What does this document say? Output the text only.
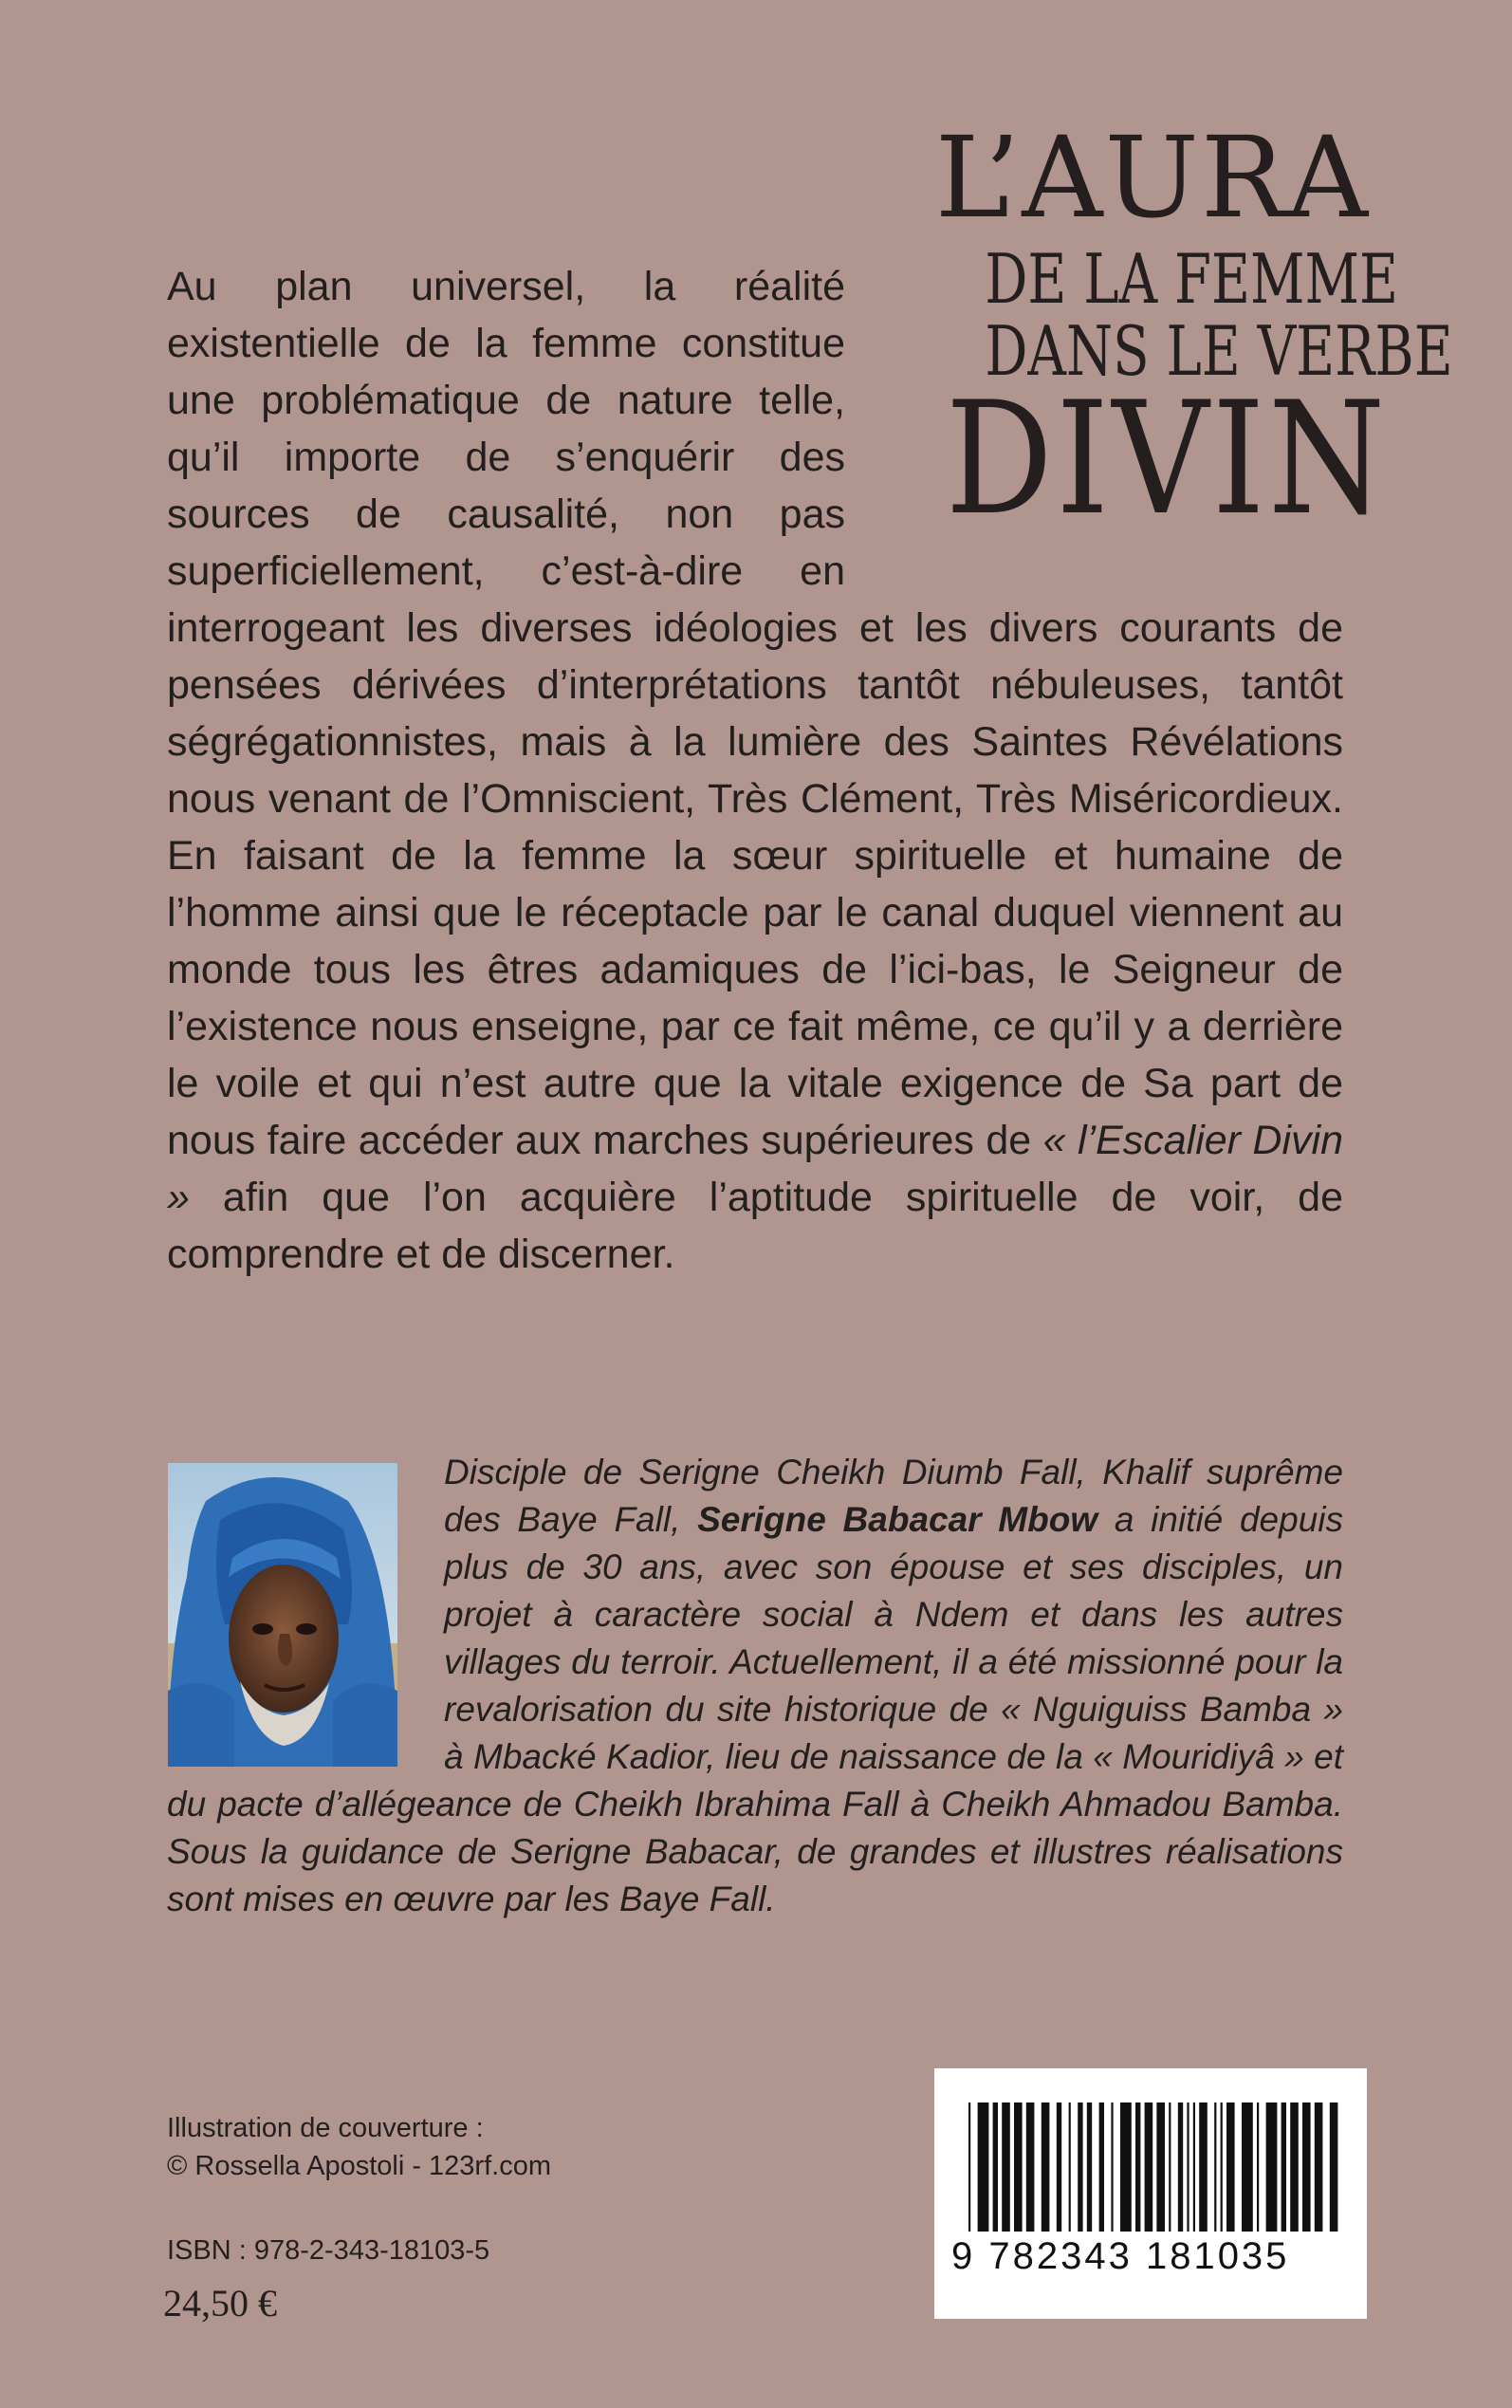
L’AURA
DE LA FEMME
DANS LE VERBE
DIVIN
Au plan universel, la réalité existentielle de la femme constitue une problématique de nature telle, qu’il importe de s’enquérir des sources de causalité, non pas superficiellement, c’est-à-dire en interrogeant les diverses idéologies et les divers courants de pensées dérivées d’interprétations tantôt nébuleuses, tantôt ségrégationnistes, mais à la lumière des Saintes Révélations nous venant de l’Omniscient, Très Clément, Très Miséricordieux. En faisant de la femme la sœur spirituelle et humaine de l’homme ainsi que le réceptacle par le canal duquel viennent au monde tous les êtres adamiques de l’ici-bas, le Seigneur de l’existence nous enseigne, par ce fait même, ce qu’il y a derrière le voile et qui n’est autre que la vitale exigence de Sa part de nous faire accéder aux marches supérieures de « l’Escalier Divin » afin que l’on acquière l’aptitude spirituelle de voir, de comprendre et de discerner.
Disciple de Serigne Cheikh Diumb Fall, Khalif suprême des Baye Fall, Serigne Babacar Mbow a initié depuis plus de 30 ans, avec son épouse et ses disciples, un projet à caractère social à Ndem et dans les autres villages du terroir. Actuellement, il a été missionné pour la revalorisation du site historique de « Nguiguiss Bamba » à Mbacké Kadior, lieu de naissance de la « Mouridiyâ » et du pacte d’allégeance de Cheikh Ibrahima Fall à Cheikh Ahmadou Bamba. Sous la guidance de Serigne Babacar, de grandes et illustres réalisations sont mises en œuvre par les Baye Fall.
Illustration de couverture :
© Rossella Apostoli - 123rf.com
ISBN : 978-2-343-18103-5
24,50 €
9 782343 181035
